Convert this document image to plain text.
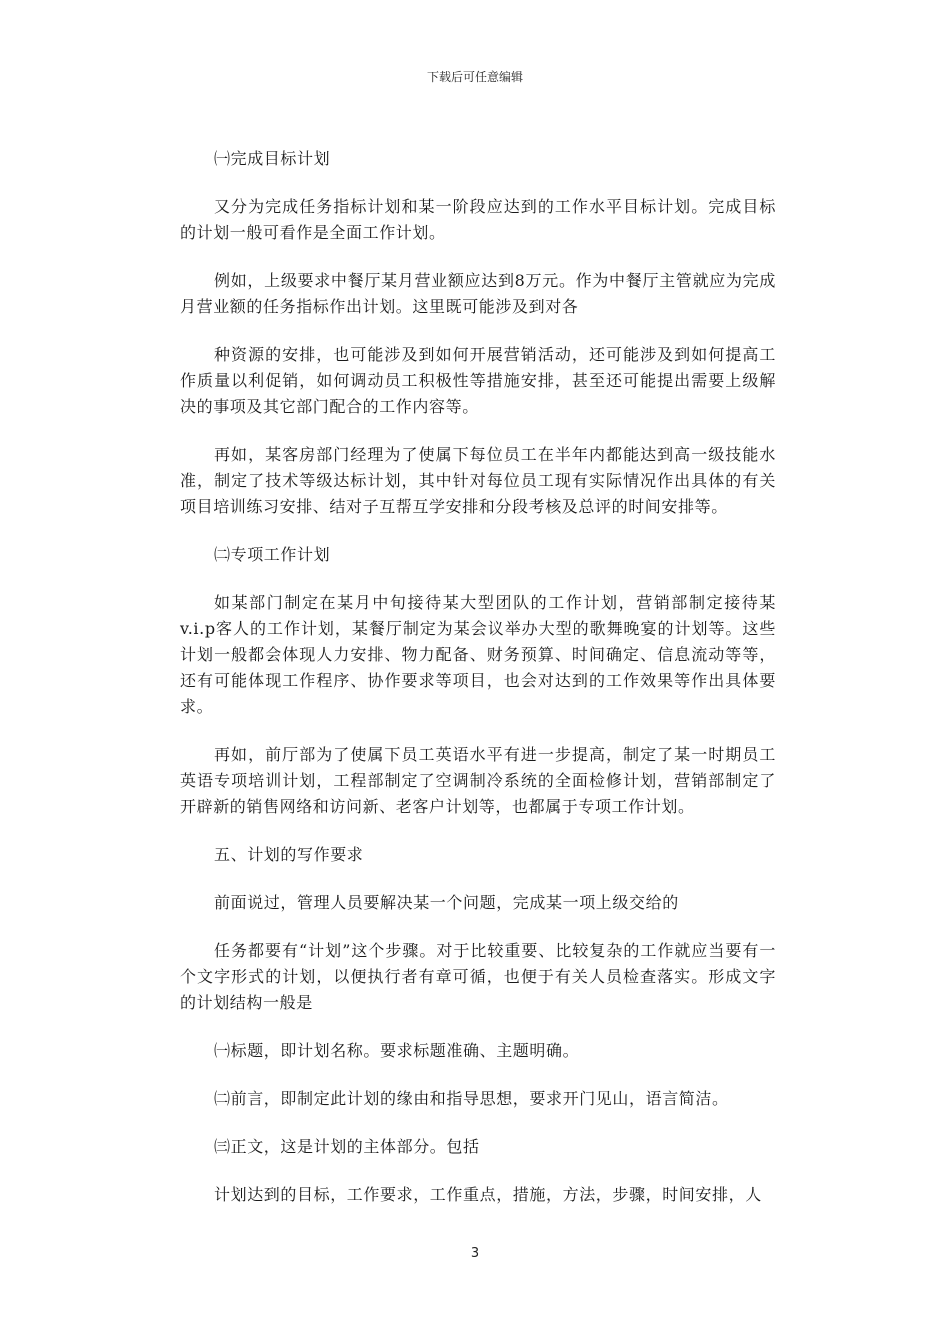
下载后可任意编辑

㈠完成目标计划

又分为完成任务指标计划和某一阶段应达到的工作水平目标计划。完成目标的计划一般可看作是全面工作计划。

例如，上级要求中餐厅某月营业额应达到8万元。作为中餐厅主管就应为完成月营业额的任务指标作出计划。这里既可能涉及到对各

种资源的安排，也可能涉及到如何开展营销活动，还可能涉及到如何提高工作质量以利促销，如何调动员工积极性等措施安排，甚至还可能提出需要上级解决的事项及其它部门配合的工作内容等。

再如，某客房部门经理为了使属下每位员工在半年内都能达到高一级技能水准，制定了技术等级达标计划，其中针对每位员工现有实际情况作出具体的有关项目培训练习安排、结对子互帮互学安排和分段考核及总评的时间安排等。

㈡专项工作计划

如某部门制定在某月中旬接待某大型团队的工作计划，营销部制定接待某v.i.p客人的工作计划，某餐厅制定为某会议举办大型的歌舞晚宴的计划等。这些计划一般都会体现人力安排、物力配备、财务预算、时间确定、信息流动等等，还有可能体现工作程序、协作要求等项目，也会对达到的工作效果等作出具体要求。

再如，前厅部为了使属下员工英语水平有进一步提高，制定了某一时期员工英语专项培训计划，工程部制定了空调制冷系统的全面检修计划，营销部制定了开辟新的销售网络和访问新、老客户计划等，也都属于专项工作计划。

五、计划的写作要求

前面说过，管理人员要解决某一个问题，完成某一项上级交给的

任务都要有“计划”这个步骤。对于比较重要、比较复杂的工作就应当要有一个文字形式的计划，以便执行者有章可循，也便于有关人员检查落实。形成文字的计划结构一般是

㈠标题，即计划名称。要求标题准确、主题明确。

㈡前言，即制定此计划的缘由和指导思想，要求开门见山，语言简洁。

㈢正文，这是计划的主体部分。包括

计划达到的目标，工作要求，工作重点，措施，方法，步骤，时间安排，人

3
